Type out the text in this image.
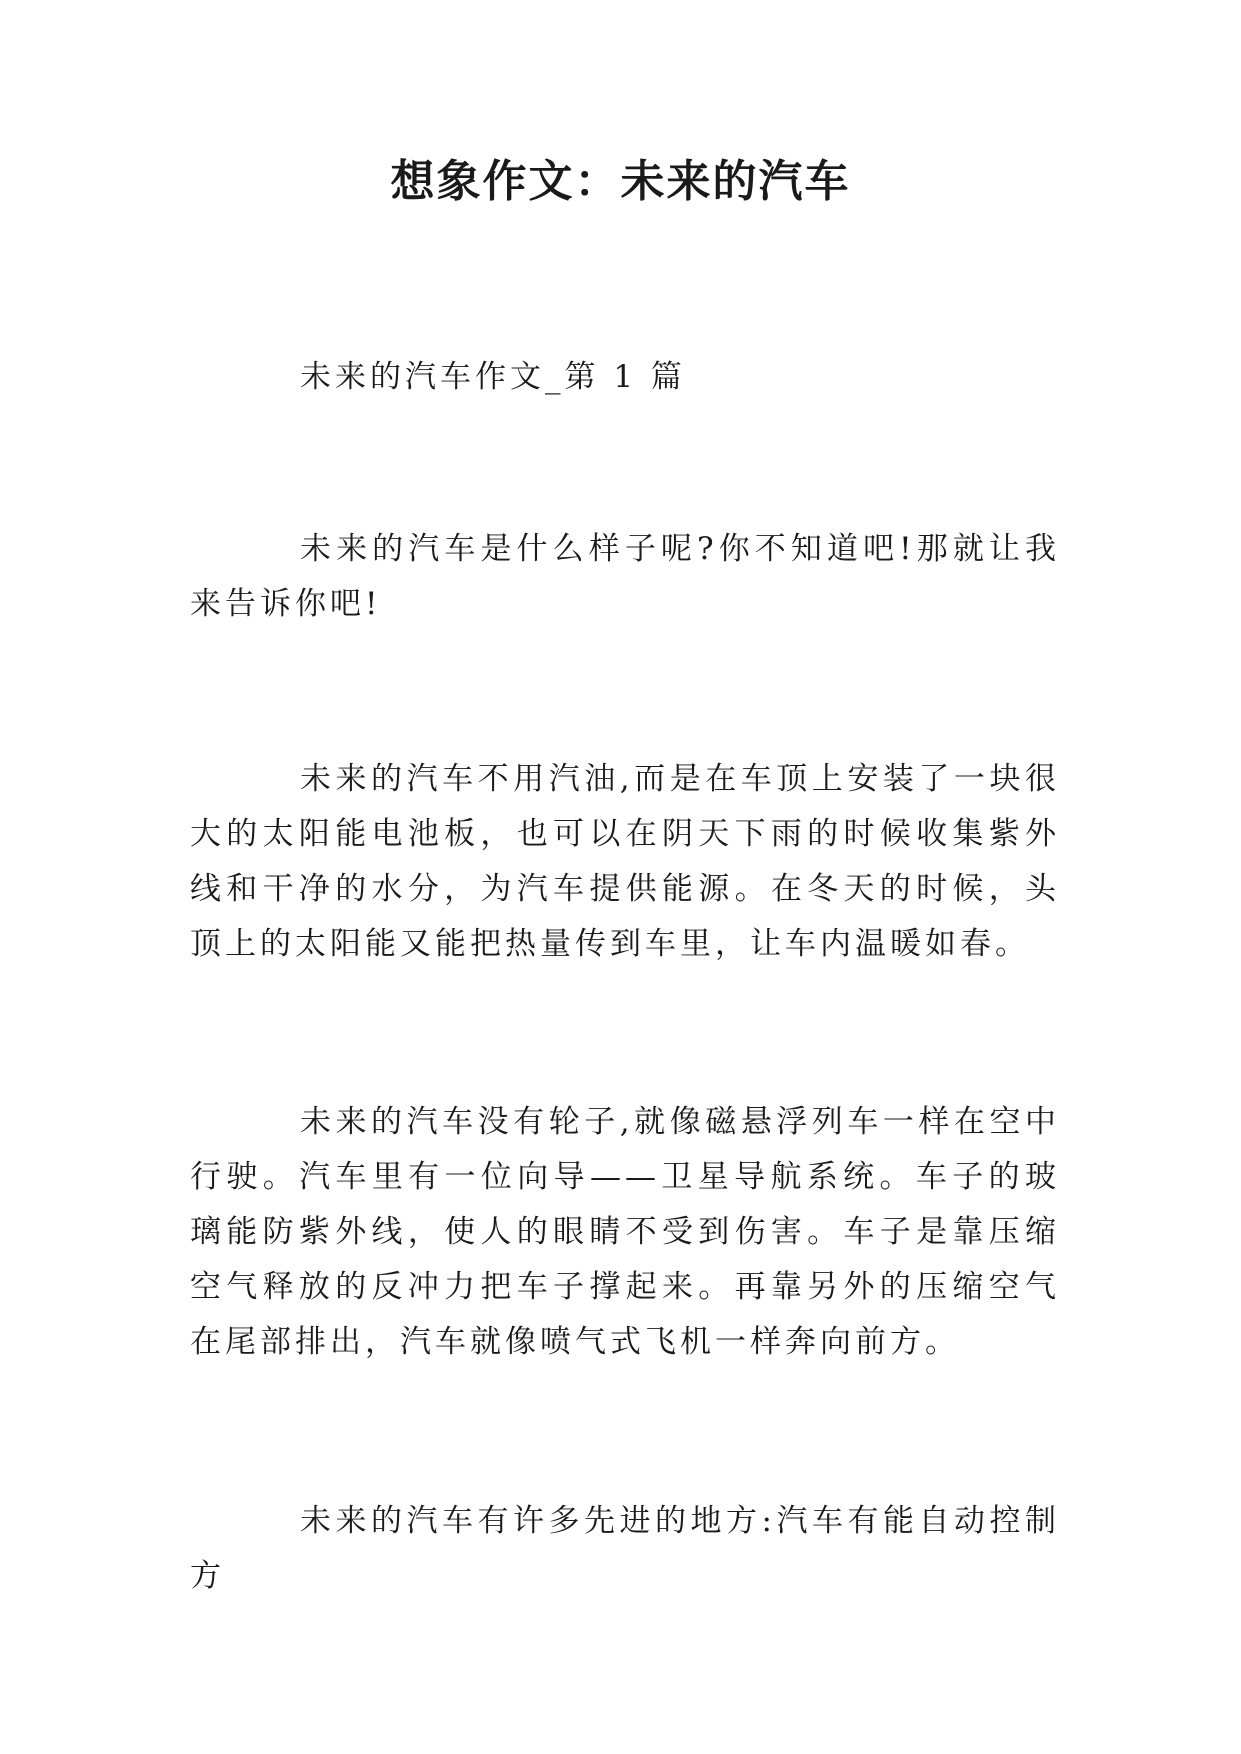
想象作文：未来的汽车

未来的汽车作文_第 1 篇

未来的汽车是什么样子呢?你不知道吧!那就让我来告诉你吧!

未来的汽车不用汽油,而是在车顶上安装了一块很大的太阳能电池板，也可以在阴天下雨的时候收集紫外线和干净的水分，为汽车提供能源。在冬天的时候，头顶上的太阳能又能把热量传到车里，让车内温暖如春。

未来的汽车没有轮子,就像磁悬浮列车一样在空中行驶。汽车里有一位向导——卫星导航系统。车子的玻璃能防紫外线，使人的眼睛不受到伤害。车子是靠压缩空气释放的反冲力把车子撑起来。再靠另外的压缩空气在尾部排出，汽车就像喷气式飞机一样奔向前方。

未来的汽车有许多先进的地方:汽车有能自动控制方
